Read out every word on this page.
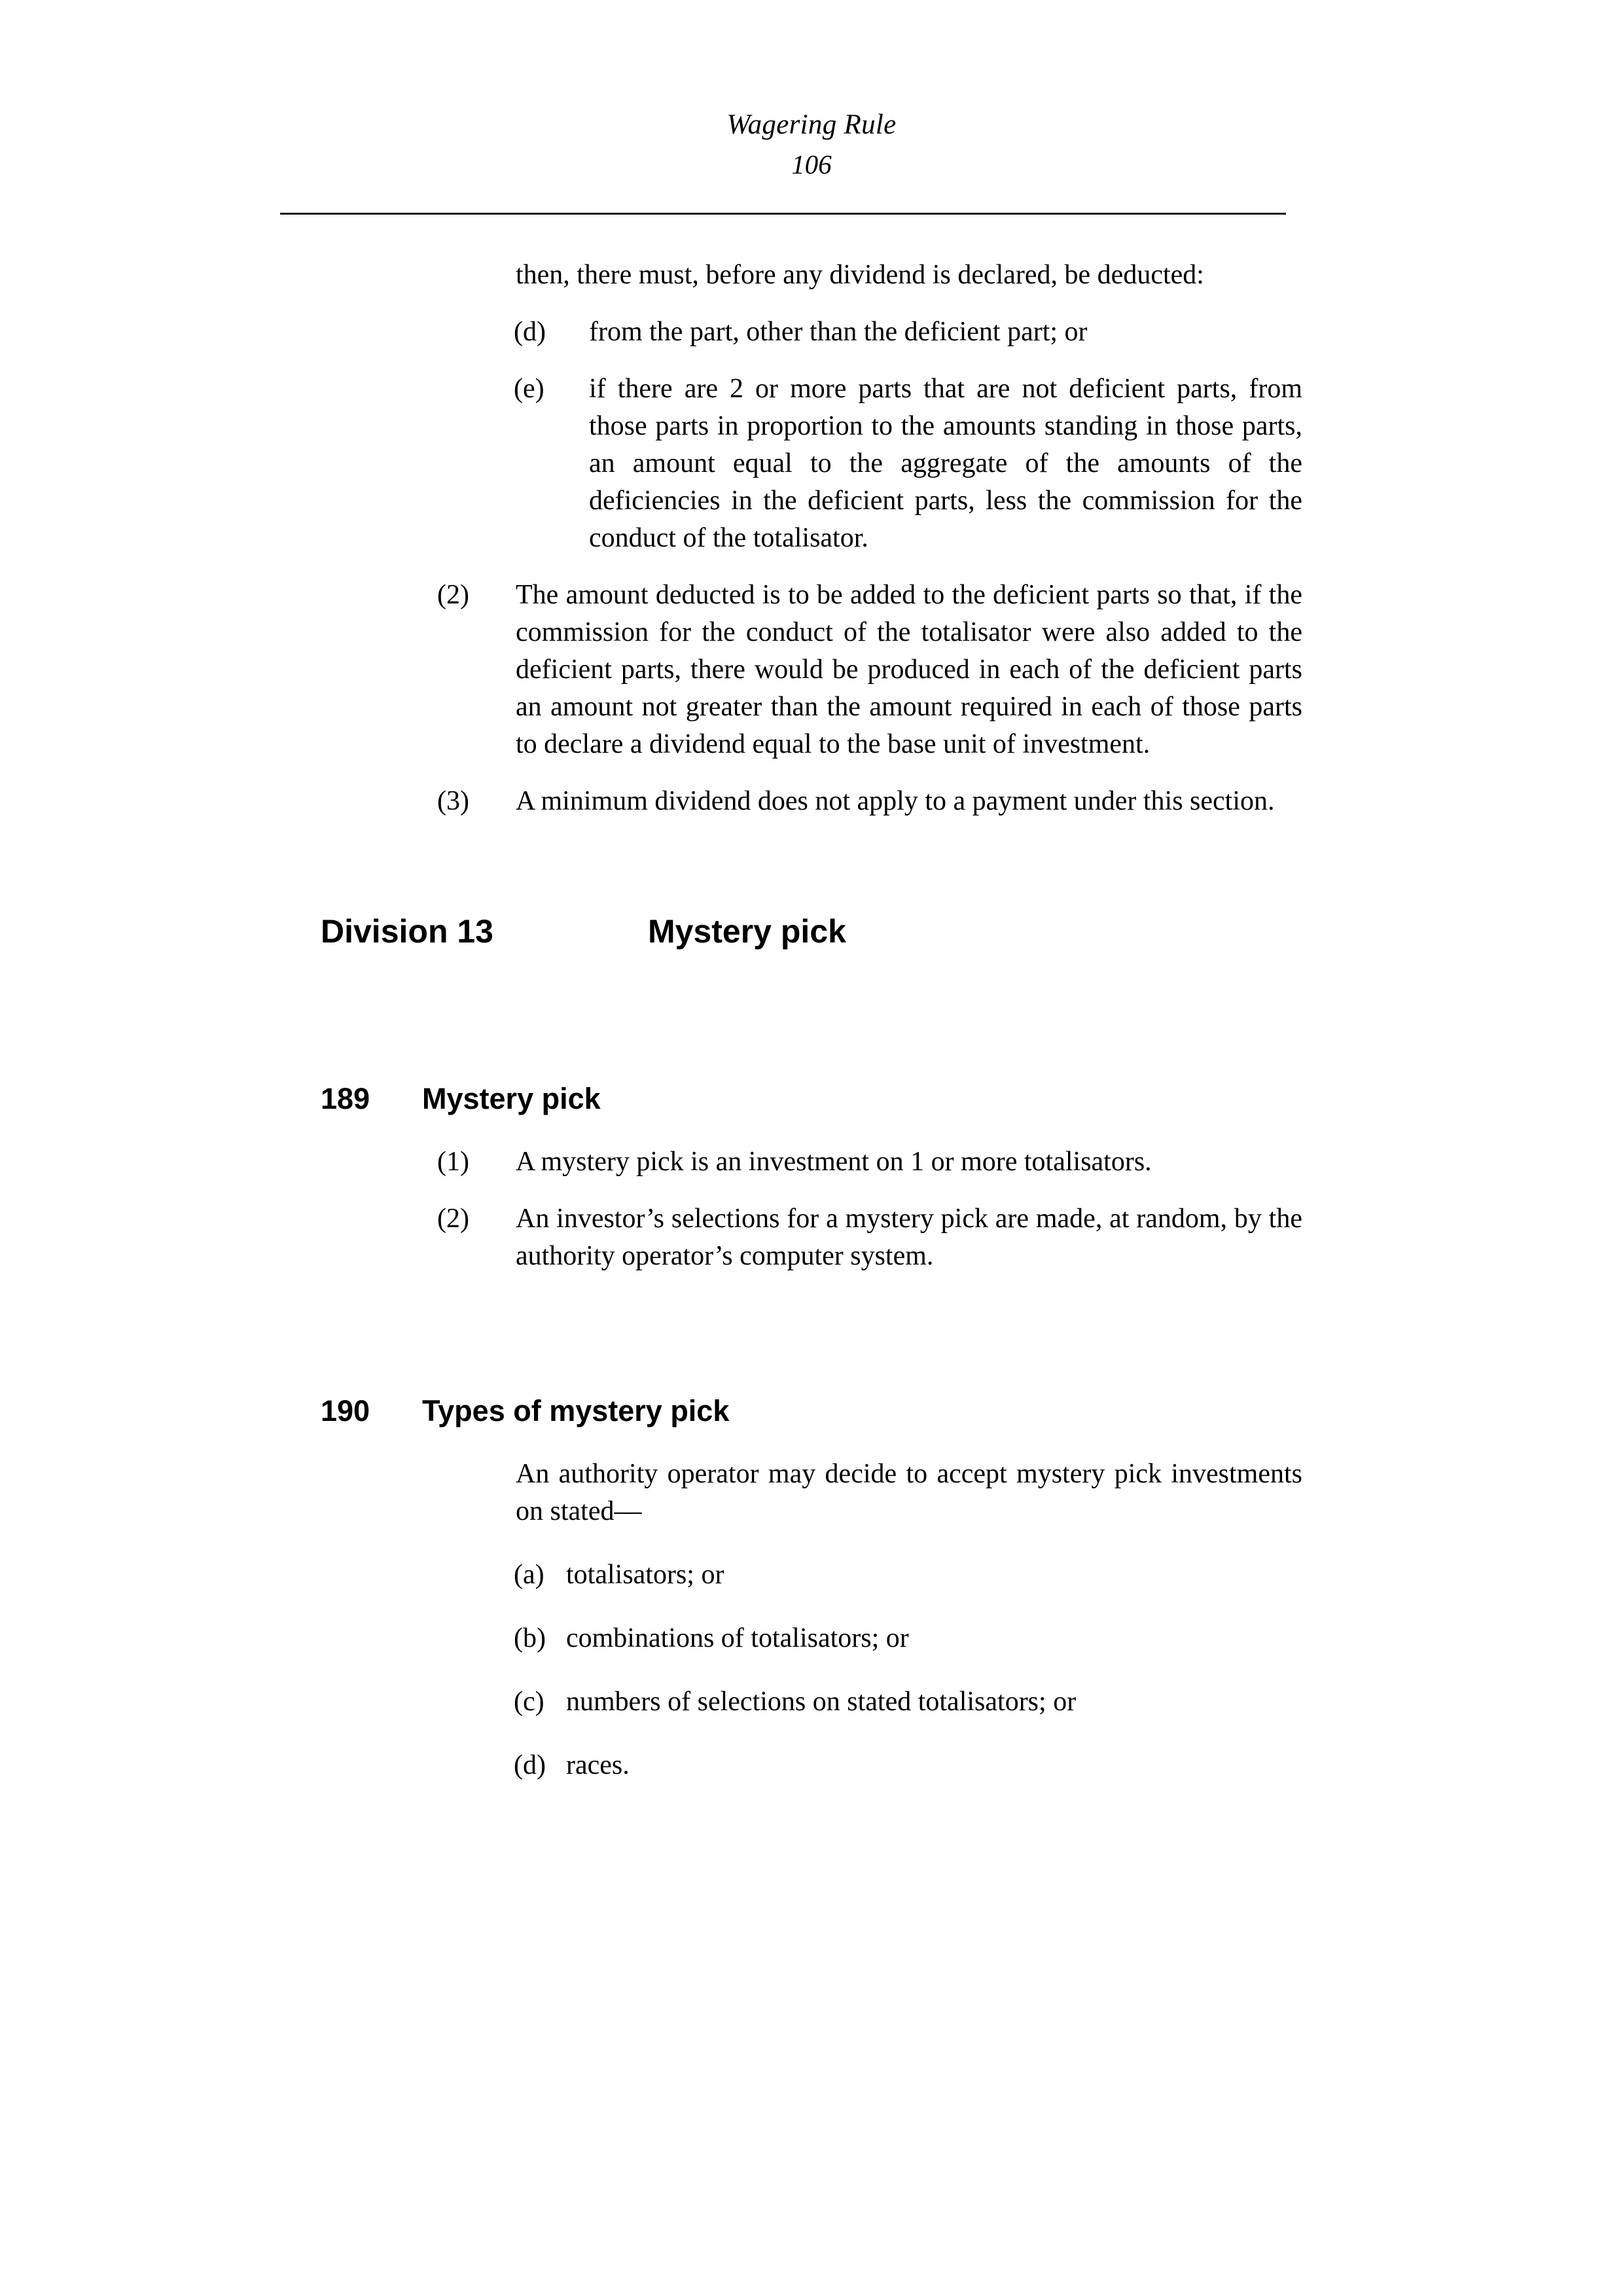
Wagering Rule
106
then, there must, before any dividend is declared, be deducted:
(d)	from the part, other than the deficient part; or
(e)	if there are 2 or more parts that are not deficient parts, from those parts in proportion to the amounts standing in those parts, an amount equal to the aggregate of the amounts of the deficiencies in the deficient parts, less the commission for the conduct of the totalisator.
(2)	The amount deducted is to be added to the deficient parts so that, if the commission for the conduct of the totalisator were also added to the deficient parts, there would be produced in each of the deficient parts an amount not greater than the amount required in each of those parts to declare a dividend equal to the base unit of investment.
(3)	A minimum dividend does not apply to a payment under this section.
Division 13	Mystery pick
189 Mystery pick
(1)	A mystery pick is an investment on 1 or more totalisators.
(2)	An investor’s selections for a mystery pick are made, at random, by the authority operator’s computer system.
190 Types of mystery pick
An authority operator may decide to accept mystery pick investments on stated—
(a) totalisators; or
(b) combinations of totalisators; or
(c) numbers of selections on stated totalisators; or
(d) races.
